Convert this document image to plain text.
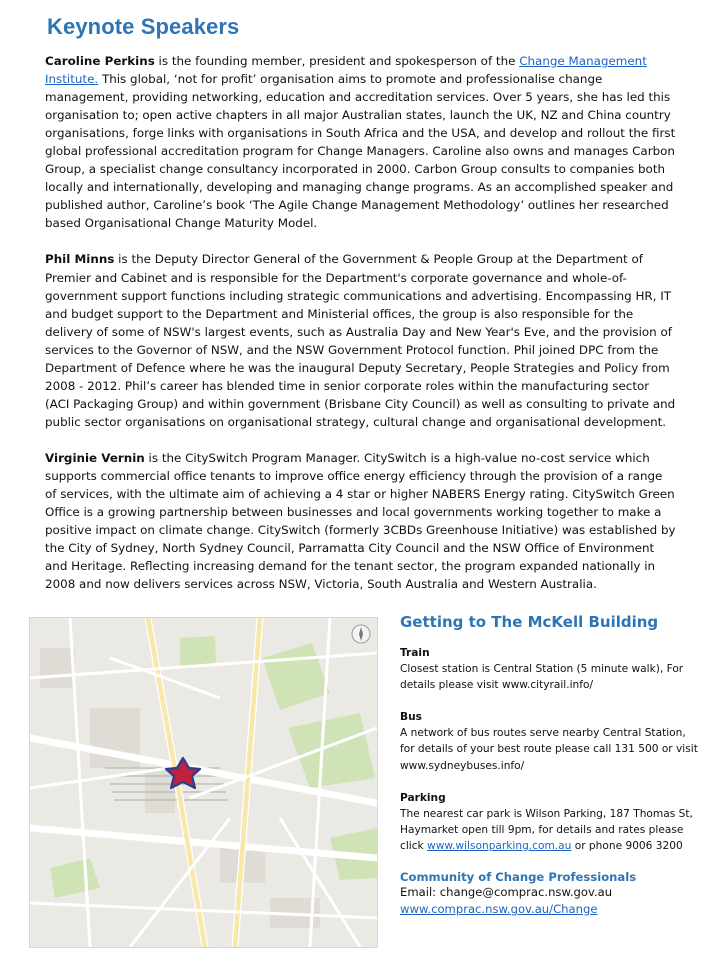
Keynote Speakers

Caroline Perkins is the founding member, president and spokesperson of the Change Management Institute. This global, ‘not for profit’ organisation aims to promote and professionalise change management, providing networking, education and accreditation services. Over 5 years, she has led this organisation to; open active chapters in all major Australian states, launch the UK, NZ and China country organisations, forge links with organisations in South Africa and the USA, and develop and rollout the first global professional accreditation program for Change Managers. Caroline also owns and manages Carbon Group, a specialist change consultancy incorporated in 2000. Carbon Group consults to companies both locally and internationally, developing and managing change programs. As an accomplished speaker and published author, Caroline’s book ‘The Agile Change Management Methodology’ outlines her researched based Organisational Change Maturity Model.

Phil Minns is the Deputy Director General of the Government & People Group at the Department of Premier and Cabinet and is responsible for the Department's corporate governance and whole-of-government support functions including strategic communications and advertising. Encompassing HR, IT and budget support to the Department and Ministerial offices, the group is also responsible for the delivery of some of NSW's largest events, such as Australia Day and New Year's Eve, and the provision of services to the Governor of NSW, and the NSW Government Protocol function. Phil joined DPC from the Department of Defence where he was the inaugural Deputy Secretary, People Strategies and Policy from 2008 - 2012. Phil’s career has blended time in senior corporate roles within the manufacturing sector (ACI Packaging Group) and within government (Brisbane City Council) as well as consulting to private and public sector organisations on organisational strategy, cultural change and organisational development.

Virginie Vernin is the CitySwitch Program Manager. CitySwitch is a high-value no-cost service which supports commercial office tenants to improve office energy efficiency through the provision of a range of services, with the ultimate aim of achieving a 4 star or higher NABERS Energy rating. CitySwitch Green Office is a growing partnership between businesses and local governments working together to make a positive impact on climate change. CitySwitch (formerly 3CBDs Greenhouse Initiative) was established by the City of Sydney, North Sydney Council, Parramatta City Council and the NSW Office of Environment and Heritage. Reflecting increasing demand for the tenant sector, the program expanded nationally in 2008 and now delivers services across NSW, Victoria, South Australia and Western Australia.

Getting to The McKell Building
Train
Closest station is Central Station (5 minute walk), For details please visit www.cityrail.info/
Bus
A network of bus routes serve nearby Central Station, for details of your best route please call 131 500 or visit www.sydneybuses.info/
Parking
The nearest car park is Wilson Parking, 187 Thomas St, Haymarket open till 9pm, for details and rates please click www.wilsonparking.com.au or phone 9006 3200
Community of Change Professionals
Email: change@comprac.nsw.gov.au
www.comprac.nsw.gov.au/Change
